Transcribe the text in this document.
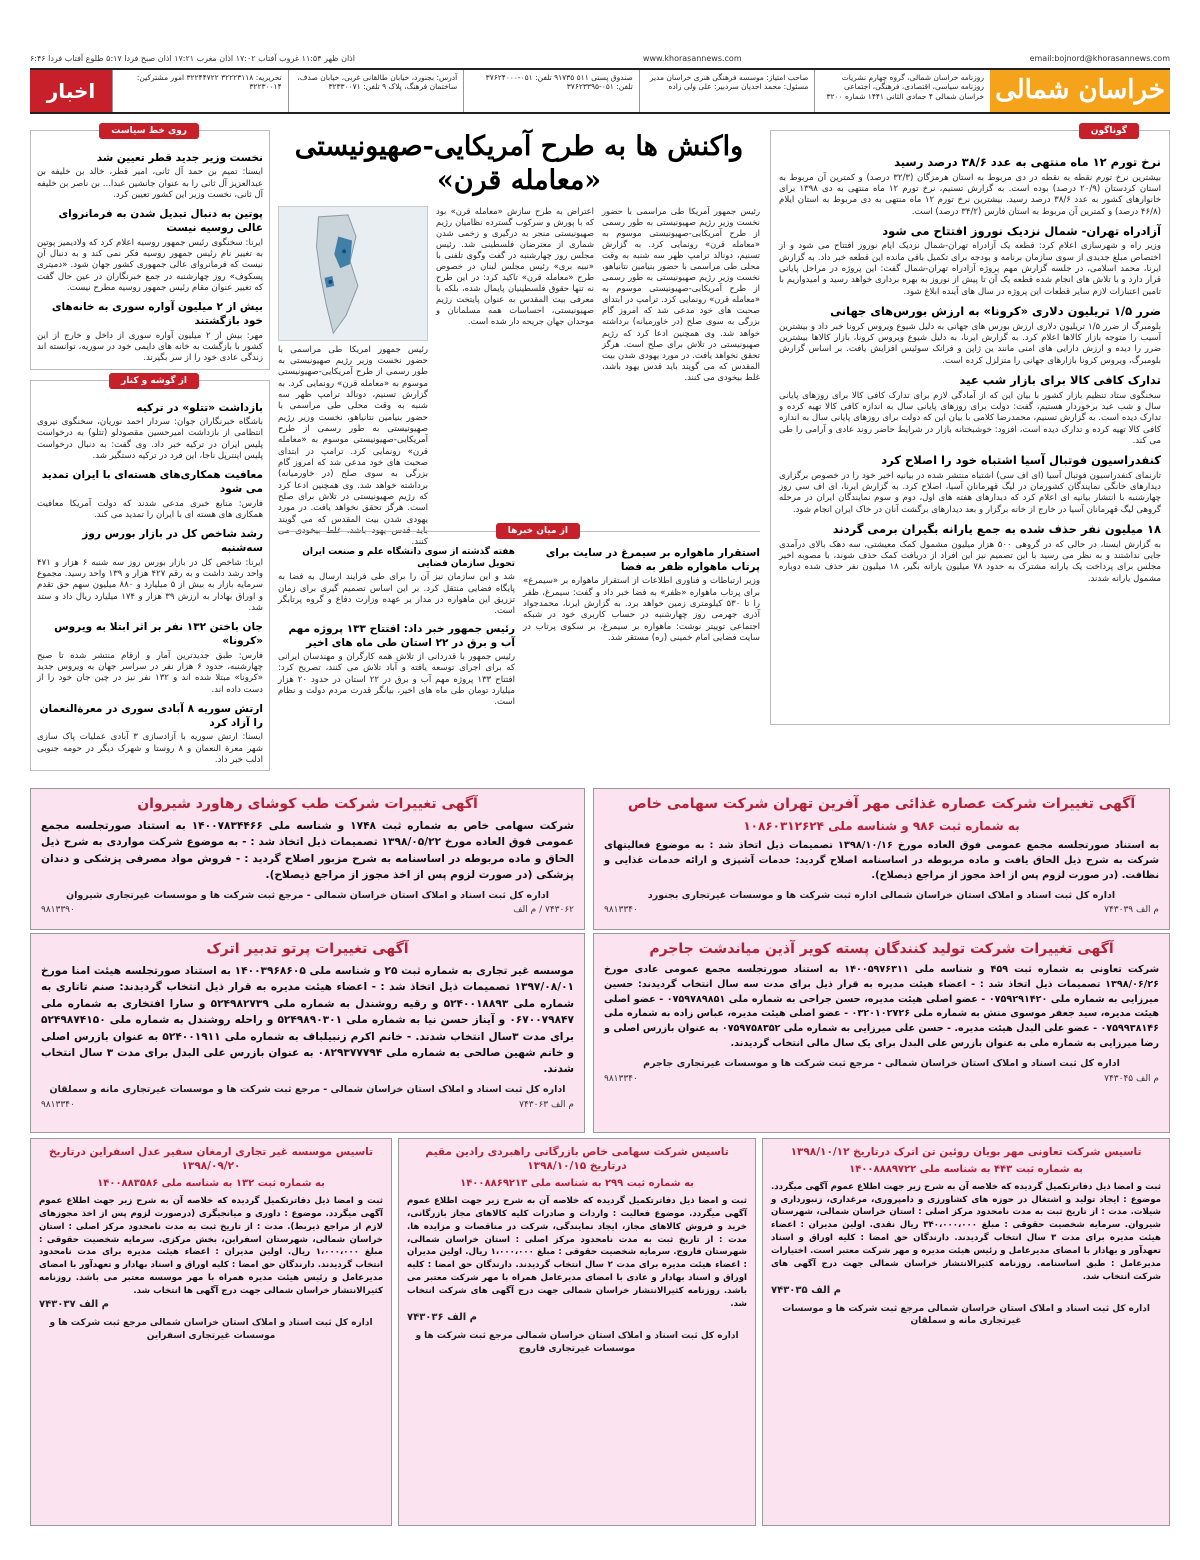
اذان ظهر ۱۱:۵۴ غروب آفتاب ۱۷:۰۲ اذان مغرب ۱۷:۲۱ اذان صبح فردا ۵:۱۷ طلوع آفتاب فردا ۶:۴۶	www.khorasannews.com	email:bojnord@khorasannews.com
خراسان شمالی
روزنامه خراسان شمالی، گروه چهارم نشریات روزنامه سیاسی، اقتصادی، فرهنگی، اجتماعی خراسان شمالی ۴ جمادی الثانی ۱۴۴۱ شماره ۳۲۰۰
صاحب امتیاز: موسسه فرهنگی هنری خراسان مدیر مسئول: محمد احدیان سردبیر: علی ولی زاده
صندوق پستی ۵۱۱ ۹۱۷۳۵ تلفن: ۰۵۱-۳۷۶۲۴۰۰۰ تلفن: ۰۵۱-۳۷۶۲۳۳۹۵
آدرس: بجنورد، خیابان طالقانی غربی، خیابان صدف، ساختمان فرهنگ، پلاک ۹ تلفن: ۳۲۳۳۰۰۷۱
تحریریه: ۳۲۲۲۳۱۱۸ ۳۲۲۴۴۷۲۲ امور مشترکین: ۳۲۲۳۰۰۱۴
اخبار
گوناگون
نرخ تورم ۱۲ ماه منتهی به عدد ۳۸/۶ درصد رسید
بیشترین نرخ تورم نقطه به نقطه در دی مربوط به استان هرمزگان (۳۲/۳ درصد) و کمترین آن مربوط به استان کردستان (۲۰/۹ درصد) بوده است. به گزارش تسنیم، نرخ تورم ۱۲ ماه منتهی به دی ۱۳۹۸ برای خانوارهای کشور به عدد ۳۸/۶ درصد رسید. بیشترین نرخ تورم ۱۲ ماه منتهی به دی مربوط به استان ایلام (۴۶/۸ درصد) و کمترین آن مربوط به استان فارس (۳۴/۲ درصد) است.
آزادراه تهران- شمال نزدیک نوروز افتتاح می شود
وزیر راه و شهرسازی اعلام کرد: قطعه یک آزادراه تهران-شمال نزدیک ایام نوروز افتتاح می شود و از اختصاص مبلغ جدیدی از سوی سازمان برنامه و بودجه برای تکمیل باقی مانده این قطعه خبر داد. به گزارش ایرنا، محمد اسلامی، در جلسه گزارش مهم پروژه آزادراه تهران-شمال گفت: این پروژه در مراحل پایانی قرار دارد و با تلاش های انجام شده قطعه یک آن تا پیش از نوروز به بهره برداری خواهد رسید و امیدواریم با تامین اعتبارات لازم سایر قطعات این پروژه در سال های آینده ابلاغ شود.
ضرر ۱/۵ تریلیون دلاری «کرونا» به ارزش بورس‌های جهانی
بلومبرگ از ضرر ۱/۵ تریلیون دلاری ارزش بورس های جهانی به دلیل شیوع ویروس کرونا خبر داد و بیشترین آسیب را متوجه بازار کالاها اعلام کرد. به گزارش ایرنا، به دلیل شیوع ویروس کرونا، بازار کالاها بیشترین ضرر را دیده و ارزش دارایی های امنی مانند ین ژاپن و فرانک سوئیس افزایش یافت. بر اساس گزارش بلومبرگ، ویروس کرونا بازارهای جهانی را متزلزل کرده است.
تدارک کافی کالا برای بازار شب عید
سخنگوی ستاد تنظیم بازار کشور با بیان این که از آمادگی لازم برای تدارک کافی کالا برای روزهای پایانی سال و شب عید برخوردار هستیم، گفت: دولت برای روزهای پایانی سال به اندازه کافی کالا تهیه کرده و تدارک دیده است. به گزارش تسنیم، محمدرضا کلامی با بیان این که دولت برای روزهای پایانی سال به اندازه کافی کالا تهیه کرده و تدارک دیده است، افزود: خوشبختانه بازار در شرایط حاضر روند عادی و آرامی را طی می کند.
کنفدراسیون فوتبال آسیا اشتباه خود را اصلاح کرد
تارنمای کنفدراسیون فوتبال آسیا (ای اف سی) اشتباه منتشر شده در بیانیه اخیر خود را در خصوص برگزاری دیدارهای خانگی نمایندگان کشورمان در لیگ قهرمانان آسیا، اصلاح کرد. به گزارش ایرنا، ای اف سی روز چهارشنبه با انتشار بیانیه ای اعلام کرد که دیدارهای هفته های اول، دوم و سوم نمایندگان ایران در مرحله گروهی لیگ قهرمانان آسیا در خارج از خانه برگزار و بعد دیدارهای برگشت آنان در خاک ایران انجام شود.
۱۸ میلیون نفر حذف شده به جمع یارانه بگیران برمی گردند
به گزارش ایسنا، در حالی که در گروهی ۵۰۰ هزار میلیون مشمول کمک معیشتی، سه دهک بالای درآمدی جایی نداشتند و به نظر می رسید با این تصمیم نیز این افراد از دریافت کمک حذف شوند، با مصوبه اخیر مجلس برای پرداخت یک یارانه مشترک به حدود ۷۸ میلیون یارانه بگیر، ۱۸ میلیون نفر حذف شده دوباره مشمول یارانه شدند.
واکنش ها به طرح آمریکایی-صهیونیستی
«معامله قرن»
رئیس جمهور آمریکا طی مراسمی با حضور نخست وزیر رژیم صهیونیستی به طور رسمی از طرح آمریکایی-صهیونیستی موسوم به «معامله قرن» رونمایی کرد. به گزارش تسنیم، دونالد ترامپ ظهر سه شنبه به وقت محلی طی مراسمی با حضور بنیامین نتانیاهو، نخست وزیر رژیم صهیونیستی به طور رسمی از طرح آمریکایی-صهیونیستی موسوم به «معامله قرن» رونمایی کرد. ترامپ در ابتدای صحبت های خود مدعی شد که امروز گام بزرگی به سوی صلح (در خاورمیانه) برداشته خواهد شد. وی همچنین ادعا کرد که رژیم صهیونیستی در تلاش برای صلح است. هرگز تحقق نخواهد یافت. در مورد یهودی شدن بیت المقدس که می گویند باید قدس یهود باشد، غلط بیخودی می کنند.
اعتراض به طرح سازش «معامله قرن» بود که با پورش و سرکوب گسترده نظامیان رژیم صهیونیستی منجر به درگیری و زخمی شدن شماری از معترضان فلسطینی شد. رئیس مجلس روز چهارشنبه در گفت وگوی تلفنی با «نبیه بری» رئیس مجلس لبنان در خصوص طرح «معامله قرن» تاکید کرد: در این طرح نه تنها حقوق فلسطینیان پایمال شده، بلکه با معرفی بیت المقدس به عنوان پایتخت رژیم صهیونیستی، احساسات همه مسلمانان و موحدان جهان جریحه دار شده است.
رئیس جمهور آمریکا طی مراسمی با حضور نخست وزیر رژیم صهیونیستی به طور رسمی از طرح آمریکایی-صهیونیستی موسوم به «معامله قرن» رونمایی کرد. به گزارش تسنیم، دونالد ترامپ ظهر سه شنبه به وقت محلی طی مراسمی با حضور بنیامین نتانیاهو، نخست وزیر رژیم صهیونیستی به طور رسمی از طرح آمریکایی-صهیونیستی موسوم به «معامله قرن» رونمایی کرد. ترامپ در ابتدای صحبت های خود مدعی شد که امروز گام بزرگی به سوی صلح (در خاورمیانه) برداشته خواهد شد. وی همچنین ادعا کرد که رژیم صهیونیستی در تلاش برای صلح است. هرگز تحقق نخواهد یافت. در مورد یهودی شدن بیت المقدس که می گویند باید قدس یهود باشد، غلط بیخودی می کنند.
از میان خبرها
استقرار ماهواره بر سیمرغ در سایت برای پرتاب ماهواره ظفر به فضا
وزیر ارتباطات و فناوری اطلاعات از استقرار ماهواره بر «سیمرغ» برای پرتاب ماهواره «ظفر» به فضا خبر داد و گفت: سیمرغ، ظفر را تا ۵۳۰ کیلومتری زمین خواهد برد. به گزارش ایرنا، محمدجواد آذری جهرمی روز چهارشنبه در حساب کاربری خود در شبکه اجتماعی توییتر نوشت: ماهواره بر سیمرغ، بر سکوی پرتاب در سایت فضایی امام خمینی (ره) مستقر شد.
هفته گذشته از سوی دانشگاه علم و صنعت ایران تحویل سازمان فضایی
شد و این سازمان نیز آن را برای طی فرایند ارسال به فضا به پایگاه فضایی منتقل کرد. بر این اساس تصمیم گیری برای زمان تزریق این ماهواره در مدار بر عهده وزارت دفاع و گروه پرتابگر است.
رئیس جمهور خبر داد: افتتاح ۱۳۳ پروژه مهم آب و برق در ۲۲ استان طی ماه های اخیر
رئیس جمهور با قدردانی از تلاش همه کارگران و مهندسان ایرانی که برای اجرای توسعه یافته و آباد تلاش می کنند، تصریح کرد: افتتاح ۱۳۳ پروژه مهم آب و برق در ۲۲ استان در حدود ۲۰ هزار میلیارد تومان طی ماه های اخیر، بیانگر قدرت مردم دولت و نظام است.
روی خط سیاست
نخست وزیر جدید قطر تعیین شد
ایسنا: تمیم بن حمد آل ثانی، امیر قطر، خالد بن خلیفه بن عبدالعزیز آل ثانی را به عنوان جانشین عبدا... بن ناصر بن خلیفه آل ثانی، نخست وزیر این کشور تعیین کرد.
پوتین به دنبال تبدیل شدن به فرمانروای عالی روسیه نیست
ایرنا: سخنگوی رئیس جمهور روسیه اعلام کرد که ولادیمیر پوتین به تغییر نام رئیس جمهور روسیه فکر نمی کند و به دنبال آن نیست که فرمانروای عالی جمهوری کشور جهان شود. «دمیتری پسکوف» روز چهارشنبه در جمع خبرنگاران در عین حال گفت که تغییر عنوان مقام رئیس جمهور روسیه مطرح نیست.
بیش از ۲ میلیون آواره سوری به خانه‌های خود بازگشتند
مهر: بیش از ۲ میلیون آواره سوری از داخل و خارج از این کشور با بازگشت به خانه های دایمی خود در سوریه، توانسته اند زندگی عادی خود را از سر بگیرند.
از گوشه و کنار
بازداشت «تتلو» در ترکیه
باشگاه خبرنگاران جوان: سردار احمد نوریان، سخنگوی نیروی انتظامی از بازداشت امیرحسین مقصودلو (تتلو) به درخواست پلیس ایران در ترکیه خبر داد. وی گفت: به دنبال درخواست پلیس اینترپل ناجا، این فرد در ترکیه دستگیر شد.
معافیت همکاری‌های هسته‌ای با ایران تمدید می شود
فارس: منابع خبری مدعی شدند که دولت آمریکا معافیت همکاری های هسته ای با ایران را تمدید می کند.
رشد شاخص کل در بازار بورس روز سه‌شنبه
ایرنا: شاخص کل در بازار بورس روز سه شنبه ۶ هزار و ۴۷۱ واحد رشد داشت و به رقم ۴۲۷ هزار و ۱۳۹ واحد رسید. مجموع سرمایه بازار به بیش از ۵ میلیارد و ۸۸۰ میلیون سهم حق تقدم و اوراق بهادار به ارزش ۳۹ هزار و ۱۷۴ میلیارد ریال داد و ستد شد.
جان باختن ۱۳۲ نفر بر اثر ابتلا به ویروس «کرونا»
فارس: طبق جدیدترین آمار و ارقام منتشر شده تا صبح چهارشنبه، حدود ۶ هزار نفر در سراسر جهان به ویروس جدید «کرونا» مبتلا شده اند و ۱۳۲ نفر نیز در چین جان خود را از دست داده اند.
ارتش سوریه ۸ آبادی سوری در معرة‌النعمان را آزاد کرد
ایسنا: ارتش سوریه با آزادسازی ۳ آبادی عملیات پاک سازی شهر معرة النعمان و ۸ روستا و شهرک دیگر در حومه جنوبی ادلب خبر داد.
آگهی تغییرات شرکت طب کوشای رهاورد شیروان
شرکت سهامی خاص به شماره ثبت ۱۷۴۸ و شناسه ملی ۱۴۰۰۷۸۳۴۴۶۶ به استناد صورتجلسه مجمع عمومی فوق العاده مورخ ۱۳۹۸/۰۵/۲۲ تصمیمات ذیل اتخاذ شد : - به موضوع شرکت مواردی به شرح ذیل الحاق و ماده مربوطه در اساسنامه به شرح مزبور اصلاح گردید : - فروش مواد مصرفی پزشکی و دندان پزشکی (در صورت لزوم پس از اخذ مجوز از مراجع ذیصلاح).
اداره کل ثبت اسناد و املاک استان خراسان شمالی - مرجع ثبت شرکت ها و موسسات غیرتجاری شیروان
۷۴۳۰۶۲ / م الف
۹۸۱۳۳۹۰
آگهی تغییرات شرکت عصاره غذائی مهر آفرین تهران شرکت سهامی خاص
به شماره ثبت ۹۸۶ و شناسه ملی ۱۰۸۶۰۳۱۲۶۲۴
به استناد صورتجلسه مجمع عمومی فوق العاده مورخ ۱۳۹۸/۱۰/۱۶ تصمیمات ذیل اتخاذ شد : به موضوع فعالیتهای شرکت به شرح ذیل الحاق یافت و ماده مربوطه در اساسنامه اصلاح گردید: خدمات آشپزی و ارائه خدمات غذایی و نظافت. (در صورت لزوم پس از اخذ مجوز از مراجع ذیصلاح).
اداره کل ثبت اسناد و املاک استان خراسان شمالی اداره ثبت شرکت ها و موسسات غیرتجاری بجنورد
م الف ۷۴۳۰۳۹
۹۸۱۳۳۴۰
آگهی تغییرات پرتو تدبیر اترک
موسسه غیر تجاری به شماره ثبت ۲۵ و شناسه ملی ۱۴۰۰۳۹۶۸۶۰۵ به استناد صورتجلسه هیئت امنا مورخ ۱۳۹۷/۰۸/۰۱ تصمیمات ذیل اتخاذ شد : - اعضاء هیئت مدیره به قرار ذیل انتخاب گردیدند: صنم تاتاری به شماره ملی ۵۲۴۰۰۱۸۸۹۳ و رقیه روشندل به شماره ملی ۵۲۴۹۸۲۷۳۹ و سارا افتخاری به شماره ملی ۰۶۷۰۰۷۹۸۴۷ و آیناز حسن نیا به شماره ملی ۵۲۴۹۸۹۰۳۰۱ و راحله روشندل به شماره ملی ۵۲۴۹۸۷۴۱۵۰ برای مدت ۳سال انتخاب شدند. - خانم اکرم زنبیلباف به شماره ملی ۵۲۴۰۰۱۹۱۱ به عنوان بازرس اصلی و خانم شهین صالحی به شماره ملی ۰۸۲۹۳۷۷۷۹۴ به عنوان بازرس علی البدل برای مدت ۳ سال انتخاب شدند.
اداره کل ثبت اسناد و املاک استان خراسان شمالی - مرجع ثبت شرکت ها و موسسات غیرتجاری مانه و سملقان
م الف ۷۴۳۰۶۳
۹۸۱۳۳۴۰
آگهی تغییرات شرکت تولید کنندگان پسته کویر آذین میاندشت جاجرم
شرکت تعاونی به شماره ثبت ۴۵۹ و شناسه ملی ۱۴۰۰۵۹۷۶۳۱۱ به استناد صورتجلسه مجمع عمومی عادی مورخ ۱۳۹۸/۰۶/۲۶ تصمیمات ذیل اتخاذ شد : - اعضاء هیئت مدیره به قرار ذیل برای مدت سه سال انتخاب گردیدند: حسین میرزایی به شماره ملی ۰۷۵۹۲۹۱۴۲۰ - عضو اصلی هیئت مدیره، حسن جراحی به شماره ملی ۰۷۵۹۷۸۹۸۵۱ - عضو اصلی هیئت مدیره، سید جعفر موسوی منش به شماره ملی ۰۳۲۰۱۰۲۷۲۶ - عضو اصلی هیئت مدیره، عباس زاده به شماره ملی ۰۷۵۹۹۳۸۱۴۶ - عضو علی البدل هیئت مدیره. - حسن علی میرزایی به شماره ملی ۰۷۵۹۷۵۸۳۵۲ به عنوان بازرس اصلی و رضا میرزایی به شماره ملی به عنوان بازرس علی البدل برای یک سال مالی انتخاب گردیدند.
اداره کل ثبت اسناد و املاک استان خراسان شمالی - مرجع ثبت شرکت ها و موسسات غیرتجاری جاجرم
م الف ۷۴۳۰۴۵
۹۸۱۳۳۴۰
تاسیس شرکت تعاونی مهر بویان روئین تن اترک درتاریخ ۱۳۹۸/۱۰/۱۲
به شماره ثبت ۴۴۳ به شناسه ملی ۱۴۰۰۸۸۸۹۷۲۲
ثبت و امضا ذیل دفاترتکمیل گردیده که خلاصه آن به شرح زیر جهت اطلاع عموم آگهی میگردد. موضوع : ایجاد تولید و اشتغال در حوزه های کشاورزی و دامپروری، مرغداری، زنبورداری و شیلات. مدت : از تاریخ ثبت به مدت نامحدود مرکز اصلی : استان خراسان شمالی، شهرستان شیروان. سرمایه شخصیت حقوقی : مبلغ ۳۴۰،۰۰۰،۰۰۰ ریال نقدی. اولین مدیران : اعضاء هیئت مدیره برای مدت ۳ سال انتخاب گردیدند. دارندگان حق امضا : کلیه اوراق و اسناد تعهدآور و بهادار با امضای مدیرعامل و رئیس هیئت مدیره و مهر شرکت معتبر است. اختیارات مدیرعامل : طبق اساسنامه. روزنامه کثیرالانتشار خراسان شمالی جهت درج آگهی های شرکت انتخاب شد.
م الف ۷۴۳۰۳۵
اداره کل ثبت اسناد و املاک استان خراسان شمالی مرجع ثبت شرکت ها و موسسات غیرتجاری مانه و سملقان
تاسیس شرکت سهامی خاص بازرگانی راهبردی رادین مقیم درتاریخ ۱۳۹۸/۱۰/۱۵
به شماره ثبت ۲۹۹ به شناسه ملی ۱۴۰۰۸۸۶۹۲۱۳
ثبت و امضا ذیل دفاترتکمیل گردیده که خلاصه آن به شرح زیر جهت اطلاع عموم آگهی میگردد. موضوع فعالیت : واردات و صادرات کلیه کالاهای مجاز بازرگانی، خرید و فروش کالاهای مجاز، ایجاد نمایندگی، شرکت در مناقصات و مزایده ها. مدت : از تاریخ ثبت به مدت نامحدود مرکز اصلی : استان خراسان شمالی، شهرستان فاروج. سرمایه شخصیت حقوقی : مبلغ ۱،۰۰۰،۰۰۰ ریال. اولین مدیران : اعضاء هیئت مدیره برای مدت ۲ سال انتخاب گردیدند. دارندگان حق امضا : کلیه اوراق و اسناد بهادار و عادی با امضای مدیرعامل همراه با مهر شرکت معتبر می باشد. روزنامه کثیرالانتشار خراسان شمالی جهت درج آگهی های شرکت انتخاب شد.
م الف ۷۴۳۰۳۶
اداره کل ثبت اسناد و املاک استان خراسان شمالی مرجع ثبت شرکت ها و موسسات غیرتجاری فاروج
تاسیس موسسه غیر تجاری ارمغان سفیر عدل اسفراین درتاریخ ۱۳۹۸/۰۹/۲۰
به شماره ثبت ۱۳۲ به شناسه ملی ۱۴۰۰۸۸۳۵۸۶
ثبت و امضا ذیل دفاترتکمیل گردیده که خلاصه آن به شرح زیر جهت اطلاع عموم آگهی میگردد. موضوع : داوری و میانجیگری (درصورت لزوم پس از اخذ مجوزهای لازم از مراجع ذیربط). مدت : از تاریخ ثبت به مدت نامحدود مرکز اصلی : استان خراسان شمالی، شهرستان اسفراین، بخش مرکزی. سرمایه شخصیت حقوقی : مبلغ ۱،۰۰۰،۰۰۰ ریال. اولین مدیران : اعضاء هیئت مدیره برای مدت نامحدود انتخاب گردیدند. دارندگان حق امضا : کلیه اوراق و اسناد بهادار و تعهدآور با امضای مدیرعامل و رئیس هیئت مدیره همراه با مهر موسسه معتبر می باشد. روزنامه کثیرالانتشار خراسان شمالی جهت درج آگهی ها انتخاب شد.
م الف ۷۴۳۰۳۷
اداره کل ثبت اسناد و املاک استان خراسان شمالی مرجع ثبت شرکت ها و موسسات غیرتجاری اسفراین
